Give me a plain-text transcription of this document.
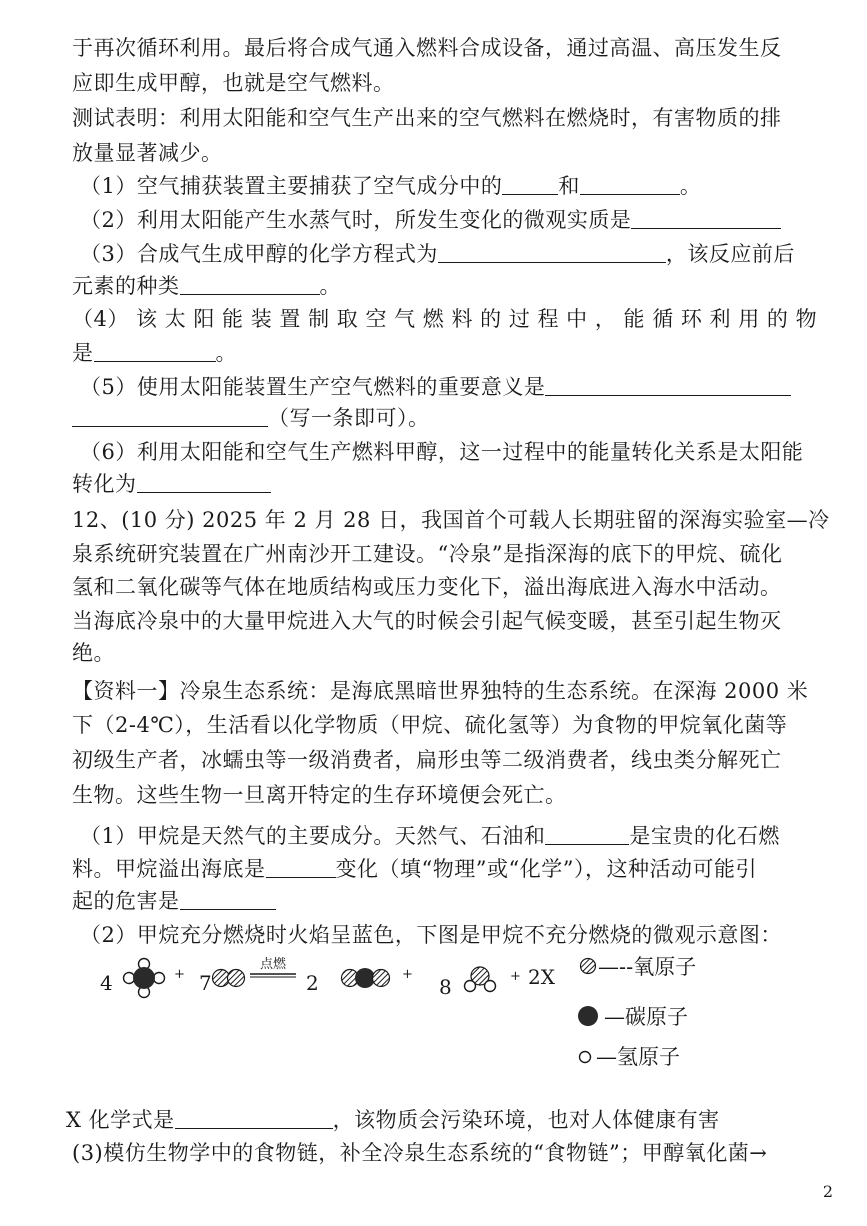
于再次循环利用。最后将合成气通入燃料合成设备，通过高温、高压发生反
应即生成甲醇，也就是空气燃料。
测试表明：利用太阳能和空气生产出来的空气燃料在燃烧时，有害物质的排
放量显著减少。
（1）空气捕获装置主要捕获了空气成分中的	和	。
（2）利用太阳能产生水蒸气时，所发生变化的微观实质是
（3）合成气生成甲醇的化学方程式为	，该反应前后
元素的种类	。
（4） 该 太 阳 能 装 置 制 取 空 气 燃 料 的 过 程 中 ， 能 循 环 利 用 的 物
是	。
（5）使用太阳能装置生产空气燃料的重要意义是
（写一条即可）。
（6）利用太阳能和空气生产燃料甲醇，这一过程中的能量转化关系是太阳能
转化为
12、(10 分) 2025 年 2 月 28 日，我国首个可载人长期驻留的深海实验室—冷
泉系统研究装置在广州南沙开工建设。“冷泉”是指深海的底下的甲烷、硫化
氢和二氧化碳等气体在地质结构或压力变化下，溢出海底进入海水中活动。
当海底冷泉中的大量甲烷进入大气的时候会引起气候变暖，甚至引起生物灭
绝。
【资料一】冷泉生态系统：是海底黑暗世界独特的生态系统。在深海 2000 米
下（2-4℃），生活看以化学物质（甲烷、硫化氢等）为食物的甲烷氧化菌等
初级生产者，冰蠕虫等一级消费者，扁形虫等二级消费者，线虫类分解死亡
生物。这些生物一旦离开特定的生存环境便会死亡。
（1）甲烷是天然气的主要成分。天然气、石油和	是宝贵的化石燃
料。甲烷溢出海底是	变化（填“物理”或“化学”），这种活动可能引
起的危害是
（2）甲烷充分燃烧时火焰呈蓝色，下图是甲烷不充分燃烧的微观示意图：
4	+ 7
点燃
2	+
8	+ 2X —--氧原子
—碳原子
—氢原子
X 化学式是	，该物质会污染环境，也对人体健康有害
(3)模仿生物学中的食物链，补全冷泉生态系统的“食物链”；甲醇氧化菌→
2
